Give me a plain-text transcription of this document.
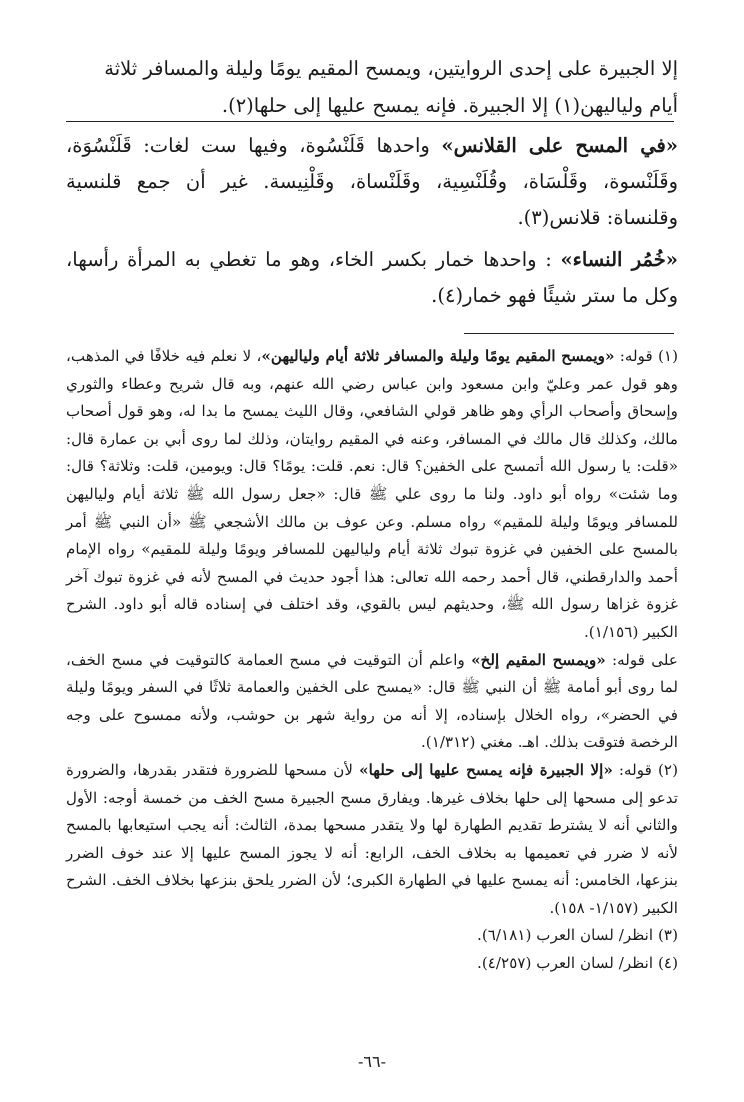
إلا الجبيرة على إحدى الروايتين، ويمسح المقيم يومًا وليلة والمسافر ثلاثة

أيام ولياليهن(١) إلا الجبيرة. فإنه يمسح عليها إلى حلها(٢).

«في المسح على القلانس» واحدها قَلَنْسُوة، وفيها ست لغات: قَلَنْسُوَة، وقَلَنْسوة، وقَلْسَاة، وقُلَنْسِية، وقَلَنْساة، وقَلْنِيسة. غير أن جمع قلنسية وقلنساة: قلانس(٣).

«خُمُر النساء» : واحدها خمار بكسر الخاء، وهو ما تغطي به المرأة رأسها، وكل ما ستر شيئًا فهو خمار(٤).

(١) قوله: «ويمسح المقيم يومًا وليلة والمسافر ثلاثة أيام ولياليهن»، لا نعلم فيه خلافًا في المذهب، وهو قول عمر وعليّ وابن مسعود وابن عباس رضي الله عنهم، وبه قال شريح وعطاء والثوري وإسحاق وأصحاب الرأي وهو ظاهر قولي الشافعي، وقال الليث يمسح ما بدا له، وهو قول أصحاب مالك، وكذلك قال مالك في المسافر، وعنه في المقيم روايتان، وذلك لما روى أبي بن عمارة قال: «قلت: يا رسول الله أتمسح على الخفين؟ قال: نعم. قلت: يومًا؟ قال: ويومين، قلت: وثلاثة؟ قال: وما شئت» رواه أبو داود. ولنا ما روى علي ﷺ قال: «جعل رسول الله ﷺ ثلاثة أيام ولياليهن للمسافر ويومًا وليلة للمقيم» رواه مسلم. وعن عوف بن مالك الأشجعي ﷺ «أن النبي ﷺ أمر بالمسح على الخفين في غزوة تبوك ثلاثة أيام ولياليهن للمسافر ويومًا وليلة للمقيم» رواه الإمام أحمد والدارقطني، قال أحمد رحمه الله تعالى: هذا أجود حديث في المسح لأنه في غزوة تبوك آخر غزوة غزاها رسول الله ﷺ، وحديثهم ليس بالقوي، وقد اختلف في إسناده قاله أبو داود. الشرح الكبير (١/١٥٦).

على قوله: «ويمسح المقيم إلخ» واعلم أن التوقيت في مسح العمامة كالتوقيت في مسح الخف، لما روى أبو أمامة ﷺ أن النبي ﷺ قال: «يمسح على الخفين والعمامة ثلاثًا في السفر ويومًا وليلة في الحضر»، رواه الخلال بإسناده، إلا أنه من رواية شهر بن حوشب، ولأنه ممسوح على وجه الرخصة فتوقت بذلك. اهـ. مغني (١/٣١٢).

(٢) قوله: «إلا الجبيرة فإنه يمسح عليها إلى حلها» لأن مسحها للضرورة فتقدر بقدرها، والضرورة تدعو إلى مسحها إلى حلها بخلاف غيرها. ويفارق مسح الجبيرة مسح الخف من خمسة أوجه: الأول والثاني أنه لا يشترط تقديم الطهارة لها ولا يتقدر مسحها بمدة، الثالث: أنه يجب استيعابها بالمسح لأنه لا ضرر في تعميمها به بخلاف الخف، الرابع: أنه لا يجوز المسح عليها إلا عند خوف الضرر بنزعها، الخامس: أنه يمسح عليها في الطهارة الكبرى؛ لأن الضرر يلحق بنزعها بخلاف الخف. الشرح الكبير (١/١٥٧- ١٥٨).

(٣) انظر/ لسان العرب (٦/١٨١).

(٤) انظر/ لسان العرب (٤/٢٥٧).

-٦٦-
